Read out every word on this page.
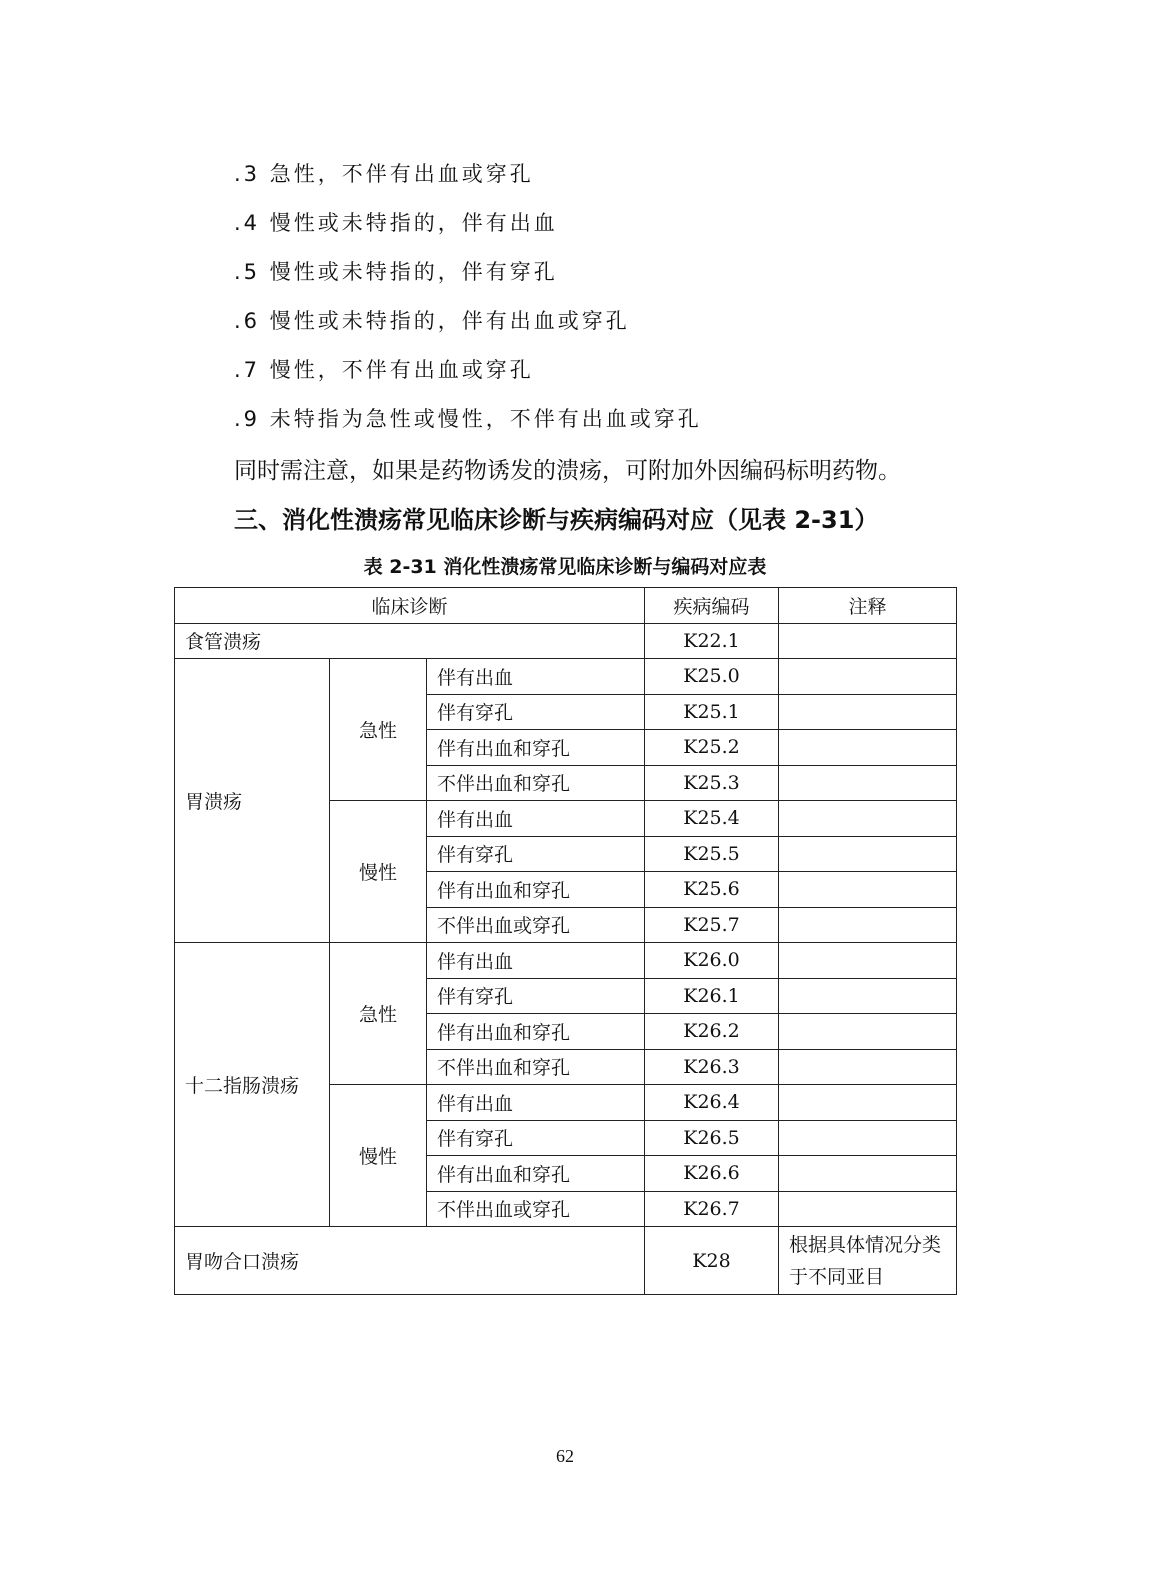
.3 急性，不伴有出血或穿孔
.4 慢性或未特指的，伴有出血
.5 慢性或未特指的，伴有穿孔
.6 慢性或未特指的，伴有出血或穿孔
.7 慢性，不伴有出血或穿孔
.9 未特指为急性或慢性，不伴有出血或穿孔
同时需注意，如果是药物诱发的溃疡，可附加外因编码标明药物。
三、消化性溃疡常见临床诊断与疾病编码对应（见表 2-31）
表 2-31 消化性溃疡常见临床诊断与编码对应表
临床诊断			疾病编码	注释
食管溃疡			K22.1	
胃溃疡	急性	伴有出血	K25.0	
		伴有穿孔	K25.1	
		伴有出血和穿孔	K25.2	
		不伴出血和穿孔	K25.3	
	慢性	伴有出血	K25.4	
		伴有穿孔	K25.5	
		伴有出血和穿孔	K25.6	
		不伴出血或穿孔	K25.7	
十二指肠溃疡	急性	伴有出血	K26.0	
		伴有穿孔	K26.1	
		伴有出血和穿孔	K26.2	
		不伴出血和穿孔	K26.3	
	慢性	伴有出血	K26.4	
		伴有穿孔	K26.5	
		伴有出血和穿孔	K26.6	
		不伴出血或穿孔	K26.7	
胃吻合口溃疡			K28	根据具体情况分类于不同亚目
62
